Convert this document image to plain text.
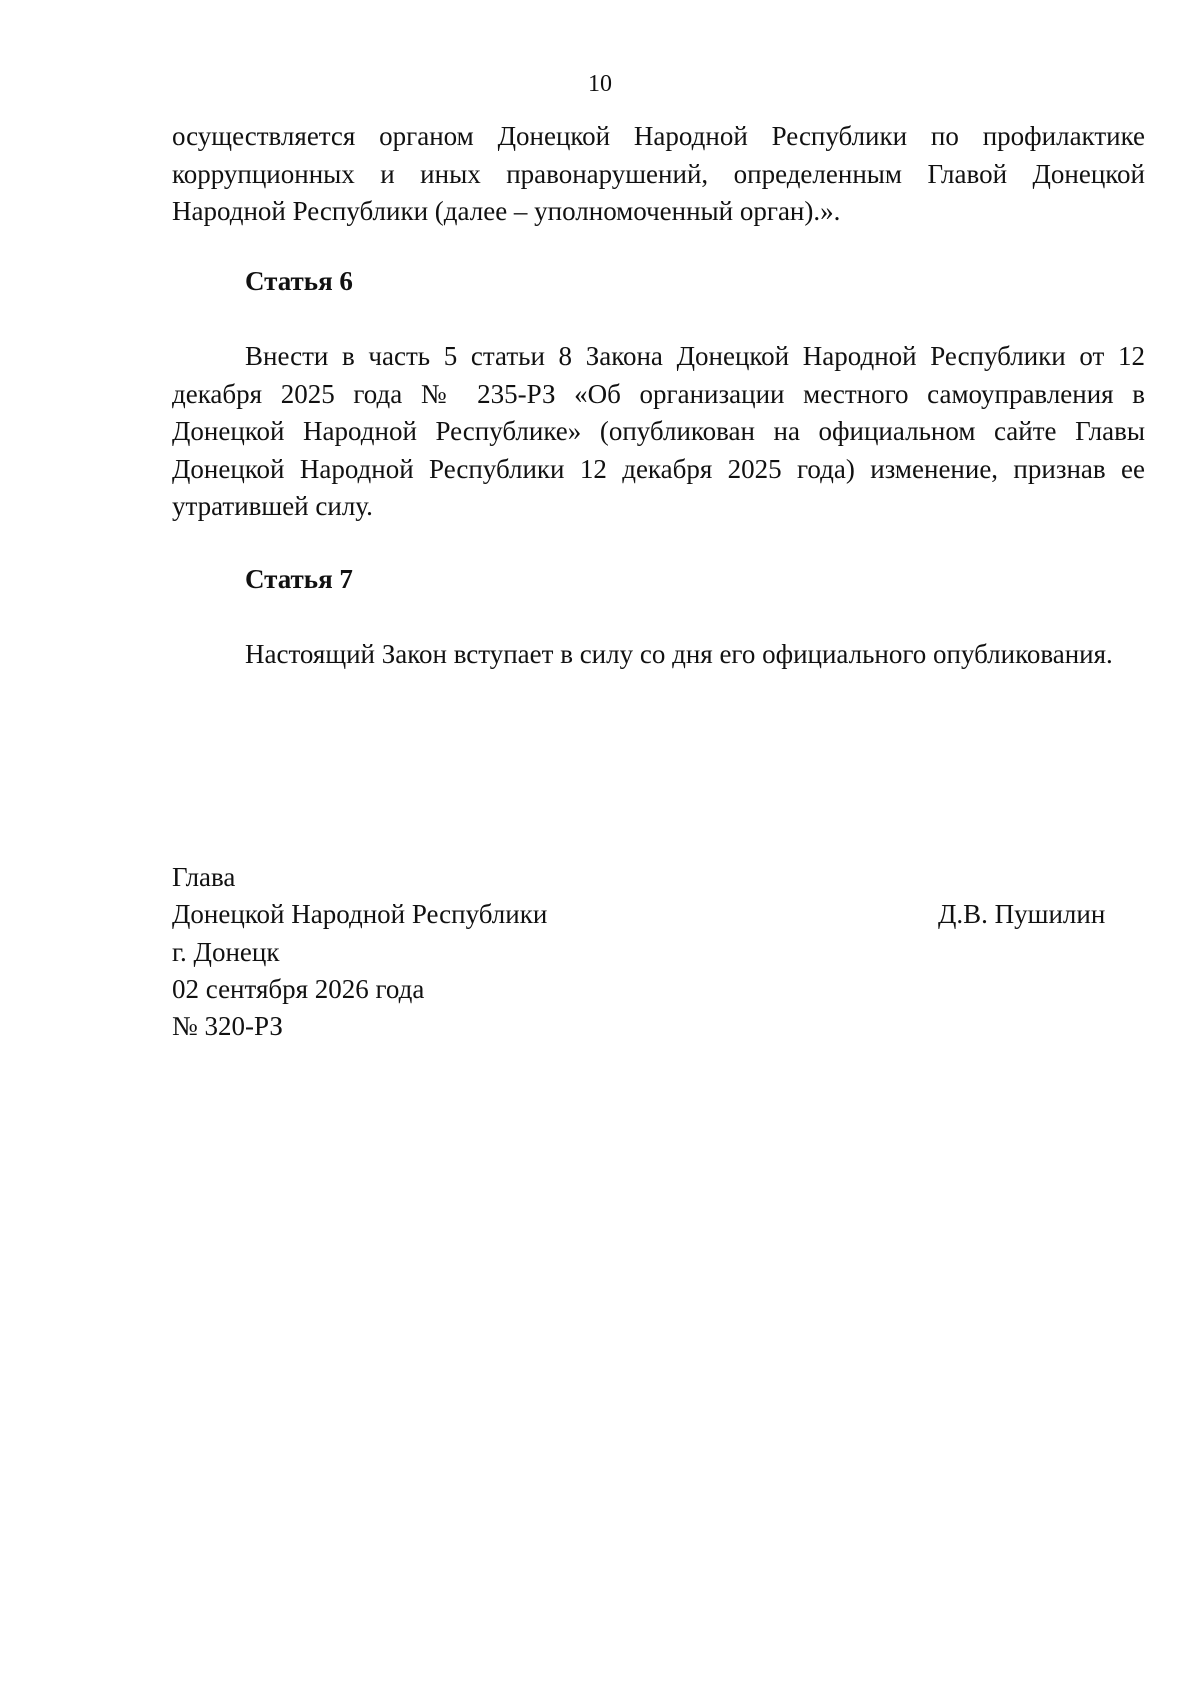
10

осуществляется органом Донецкой Народной Республики по профилактике коррупционных и иных правонарушений, определенным Главой Донецкой Народной Республики (далее – уполномоченный орган).».

Статья 6

Внести в часть 5 статьи 8 Закона Донецкой Народной Республики от 12 декабря 2025 года № 235-РЗ «Об организации местного самоуправления в Донецкой Народной Республике» (опубликован на официальном сайте Главы Донецкой Народной Республики 12 декабря 2025 года) изменение, признав ее утратившей силу.

Статья 7

Настоящий Закон вступает в силу со дня его официального опубликования.

Глава

Донецкой Народной Республики	Д.В. Пушилин

г. Донецк

02 сентября 2026 года

№ 320-РЗ
